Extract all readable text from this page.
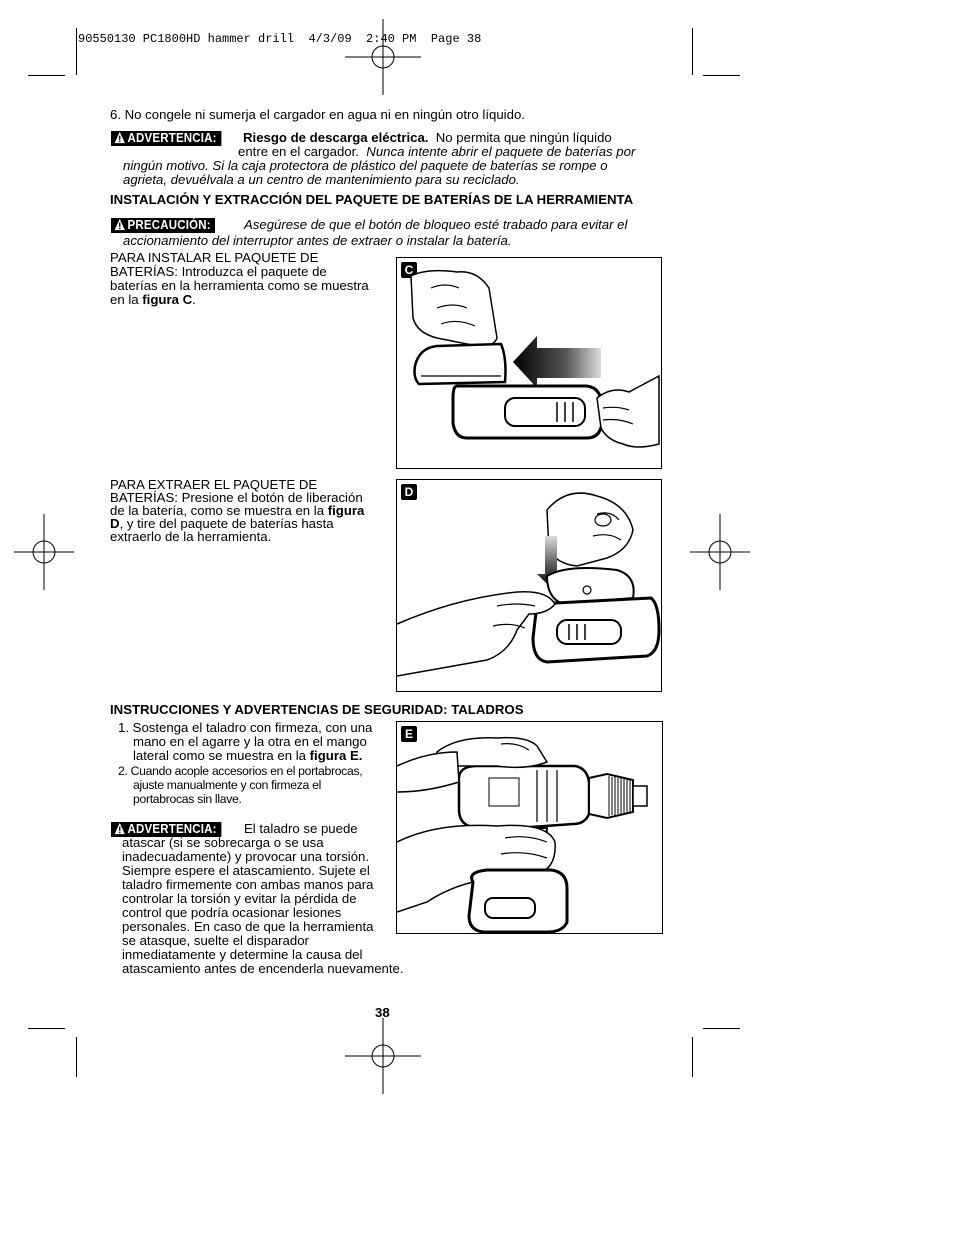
90550130 PC1800HD hammer drill  4/3/09  2:40 PM  Page 38
6. No congele ni sumerja el cargador en agua ni en ningún otro líquido.
ADVERTENCIA:	Riesgo de descarga eléctrica. No permita que ningún líquido
entre en el cargador. Nunca intente abrir el paquete de baterías por
ningún motivo. Si la caja protectora de plástico del paquete de baterías se rompe o
agrieta, devuélvala a un centro de mantenimiento para su reciclado.
INSTALACIÓN Y EXTRACCIÓN DEL PAQUETE DE BATERÍAS DE LA HERRAMIENTA
PRECAUCIÓN:	Asegúrese de que el botón de bloqueo esté trabado para evitar el
accionamiento del interruptor antes de extraer o instalar la batería.
PARA INSTALAR EL PAQUETE DE
BATERÍAS: Introduzca el paquete de
baterías en la herramienta como se muestra
en la figura C.
C
PARA EXTRAER EL PAQUETE DE
BATERÍAS: Presione el botón de liberación
de la batería, como se muestra en la figura
D, y tire del paquete de baterías hasta
extraerlo de la herramienta.
D
INSTRUCCIONES Y ADVERTENCIAS DE SEGURIDAD: TALADROS
1. Sostenga el taladro con firmeza, con una
mano en el agarre y la otra en el mango
lateral como se muestra en la figura E.
2. Cuando acople accesorios en el portabrocas,
ajuste manualmente y con firmeza el
portabrocas sin llave.
E
ADVERTENCIA:	El taladro se puede
atascar (si se sobrecarga o se usa
inadecuadamente) y provocar una torsión.
Siempre espere el atascamiento. Sujete el
taladro firmemente con ambas manos para
controlar la torsión y evitar la pérdida de
control que podría ocasionar lesiones
personales. En caso de que la herramienta
se atasque, suelte el disparador
inmediatamente y determine la causa del
atascamiento antes de encenderla nuevamente.
38
